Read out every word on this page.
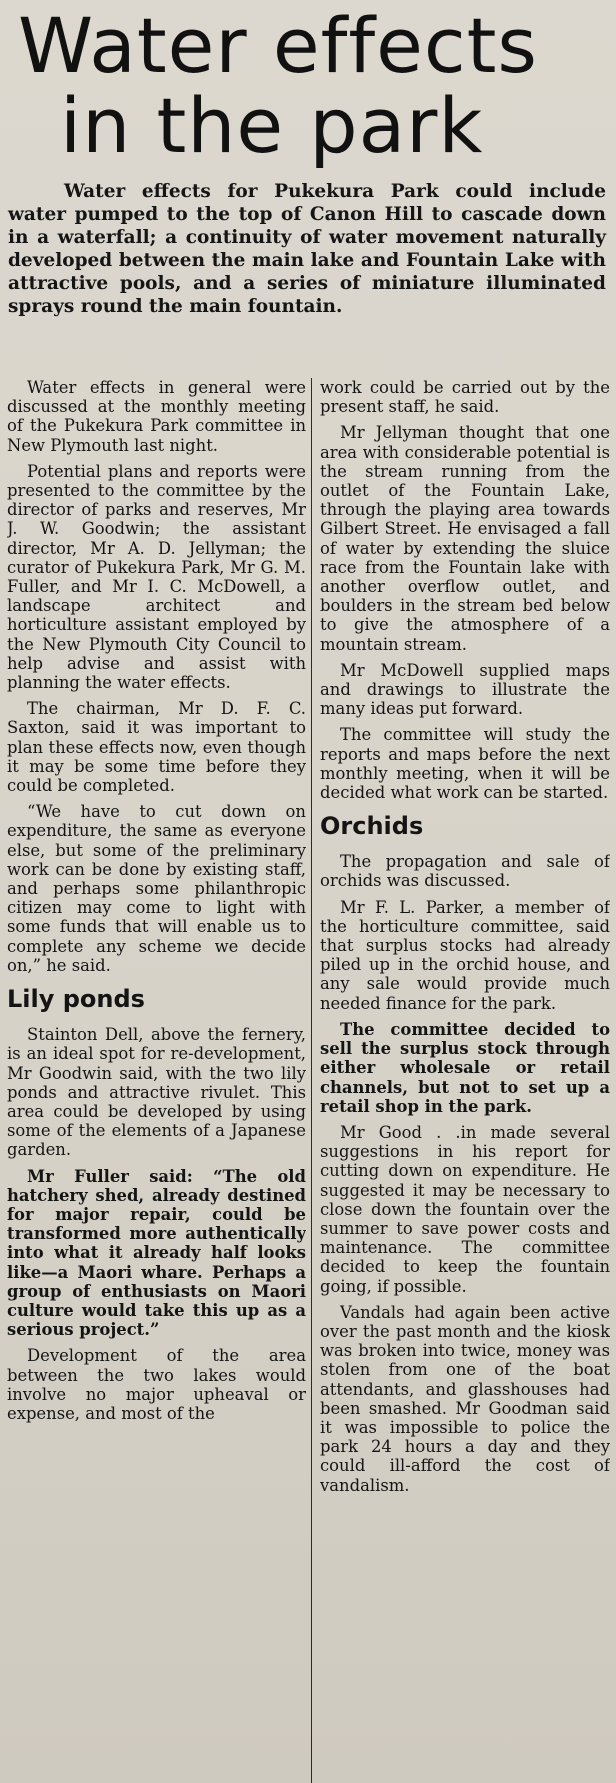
Water effects
in the park

Water effects for Pukekura Park could include water pumped to the top of Canon Hill to cascade down in a waterfall; a continuity of water movement naturally developed between the main lake and Fountain Lake with attractive pools, and a series of miniature illuminated sprays round the main fountain.

Water effects in general were discussed at the monthly meeting of the Pukekura Park committee in New Plymouth last night.

Potential plans and reports were presented to the committee by the director of parks and reserves, Mr J. W. Goodwin; the assistant director, Mr A. D. Jellyman; the curator of Pukekura Park, Mr G. M. Fuller, and Mr I. C. McDowell, a landscape architect and horticulture assistant employed by the New Plymouth City Council to help advise and assist with planning the water effects.

The chairman, Mr D. F. C. Saxton, said it was important to plan these effects now, even though it may be some time before they could be completed.

“We have to cut down on expenditure, the same as everyone else, but some of the preliminary work can be done by existing staff, and perhaps some philanthropic citizen may come to light with some funds that will enable us to complete any scheme we decide on,” he said.

Lily ponds

Stainton Dell, above the fernery, is an ideal spot for re-development, Mr Goodwin said, with the two lily ponds and attractive rivulet. This area could be developed by using some of the elements of a Japanese garden.

Mr Fuller said: “The old hatchery shed, already destined for major repair, could be transformed more authentically into what it already half looks like—a Maori whare. Perhaps a group of enthusiasts on Maori culture would take this up as a serious project.”

Development of the area between the two lakes would involve no major upheaval or expense, and most of the

work could be carried out by the present staff, he said.

Mr Jellyman thought that one area with considerable potential is the stream running from the outlet of the Fountain Lake, through the playing area towards Gilbert Street. He envisaged a fall of water by extending the sluice race from the Fountain lake with another overflow outlet, and boulders in the stream bed below to give the atmosphere of a mountain stream.

Mr McDowell supplied maps and drawings to illustrate the many ideas put forward.

The committee will study the reports and maps before the next monthly meeting, when it will be decided what work can be started.

Orchids

The propagation and sale of orchids was discussed.

Mr F. L. Parker, a member of the horticulture committee, said that surplus stocks had already piled up in the orchid house, and any sale would provide much needed finance for the park.

The committee decided to sell the surplus stock through either wholesale or retail channels, but not to set up a retail shop in the park.

Mr Good . .in made several suggestions in his report for cutting down on expenditure. He suggested it may be necessary to close down the fountain over the summer to save power costs and maintenance. The committee decided to keep the fountain going, if possible.

Vandals had again been active over the past month and the kiosk was broken into twice, money was stolen from one of the boat attendants, and glasshouses had been smashed. Mr Goodman said it was impossible to police the park 24 hours a day and they could ill-afford the cost of vandalism.
